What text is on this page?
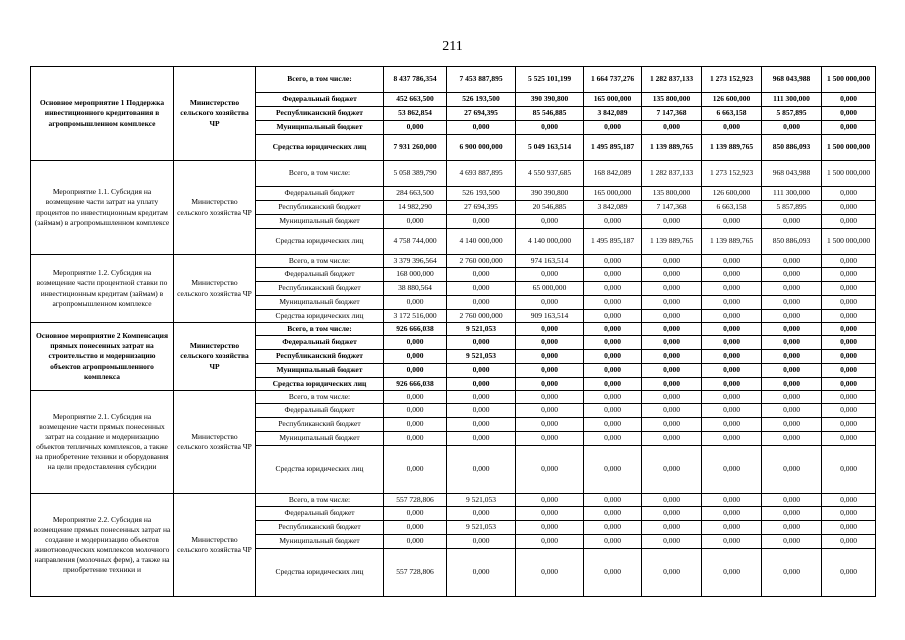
211
Основное мероприятие 1 Поддержка инвестиционного кредитования в агропромышленном комплексе	Министерство сельского хозяйства ЧР	Всего, в том числе:	8 437 786,354	7 453 887,895	5 525 101,199	1 664 737,276	1 282 837,133	1 273 152,923	968 043,988	1 500 000,000
		Федеральный бюджет	452 663,500	526 193,500	390 390,800	165 000,000	135 800,000	126 600,000	111 300,000	0,000
		Республиканский бюджет	53 862,854	27 694,395	85 546,885	3 842,089	7 147,368	6 663,158	5 857,895	0,000
		Муниципальный бюджет	0,000	0,000	0,000	0,000	0,000	0,000	0,000	0,000
		Средства юридических лиц	7 931 260,000	6 900 000,000	5 049 163,514	1 495 895,187	1 139 889,765	1 139 889,765	850 886,093	1 500 000,000
Мероприятие 1.1. Субсидия на возмещение части затрат на уплату процентов по инвестиционным кредитам (займам) в агропромышленном комплексе	Министерство сельского хозяйства ЧР	Всего, в том числе:	5 058 389,790	4 693 887,895	4 550 937,685	168 842,089	1 282 837,133	1 273 152,923	968 043,988	1 500 000,000
		Федеральный бюджет	284 663,500	526 193,500	390 390,800	165 000,000	135 800,000	126 600,000	111 300,000	0,000
		Республиканский бюджет	14 982,290	27 694,395	20 546,885	3 842,089	7 147,368	6 663,158	5 857,895	0,000
		Муниципальный бюджет	0,000	0,000	0,000	0,000	0,000	0,000	0,000	0,000
		Средства юридических лиц	4 758 744,000	4 140 000,000	4 140 000,000	1 495 895,187	1 139 889,765	1 139 889,765	850 886,093	1 500 000,000
Мероприятие 1.2. Субсидия на возмещение части процентной ставки по инвестиционным кредитам (займам) в агропромышленном комплексе	Министерство сельского хозяйства ЧР	Всего, в том числе:	3 379 396,564	2 760 000,000	974 163,514	0,000	0,000	0,000	0,000	0,000
		Федеральный бюджет	168 000,000	0,000	0,000	0,000	0,000	0,000	0,000	0,000
		Республиканский бюджет	38 880,564	0,000	65 000,000	0,000	0,000	0,000	0,000	0,000
		Муниципальный бюджет	0,000	0,000	0,000	0,000	0,000	0,000	0,000	0,000
		Средства юридических лиц	3 172 516,000	2 760 000,000	909 163,514	0,000	0,000	0,000	0,000	0,000
Основное мероприятие 2 Компенсация прямых понесенных затрат на строительство и модернизацию объектов агропромышленного комплекса	Министерство сельского хозяйства ЧР	Всего, в том числе:	926 666,038	9 521,053	0,000	0,000	0,000	0,000	0,000	0,000
		Федеральный бюджет	0,000	0,000	0,000	0,000	0,000	0,000	0,000	0,000
		Республиканский бюджет	0,000	9 521,053	0,000	0,000	0,000	0,000	0,000	0,000
		Муниципальный бюджет	0,000	0,000	0,000	0,000	0,000	0,000	0,000	0,000
		Средства юридических лиц	926 666,038	0,000	0,000	0,000	0,000	0,000	0,000	0,000
Мероприятие 2.1. Субсидия на возмещение части прямых понесенных затрат на создание и модернизацию объектов тепличных комплексов, а также на приобретение техники и оборудования на цели предоставления субсидии	Министерство сельского хозяйства ЧР	Всего, в том числе:	0,000	0,000	0,000	0,000	0,000	0,000	0,000	0,000
		Федеральный бюджет	0,000	0,000	0,000	0,000	0,000	0,000	0,000	0,000
		Республиканский бюджет	0,000	0,000	0,000	0,000	0,000	0,000	0,000	0,000
		Муниципальный бюджет	0,000	0,000	0,000	0,000	0,000	0,000	0,000	0,000
		Средства юридических лиц	0,000	0,000	0,000	0,000	0,000	0,000	0,000	0,000
Мероприятие 2.2. Субсидия на возмещение прямых понесенных затрат на создание и модернизацию объектов животноводческих комплексов молочного направления (молочных ферм), а также на приобретение техники и	Министерство сельского хозяйства ЧР	Всего, в том числе:	557 728,806	9 521,053	0,000	0,000	0,000	0,000	0,000	0,000
		Федеральный бюджет	0,000	0,000	0,000	0,000	0,000	0,000	0,000	0,000
		Республиканский бюджет	0,000	9 521,053	0,000	0,000	0,000	0,000	0,000	0,000
		Муниципальный бюджет	0,000	0,000	0,000	0,000	0,000	0,000	0,000	0,000
		Средства юридических лиц	557 728,806	0,000	0,000	0,000	0,000	0,000	0,000	0,000
